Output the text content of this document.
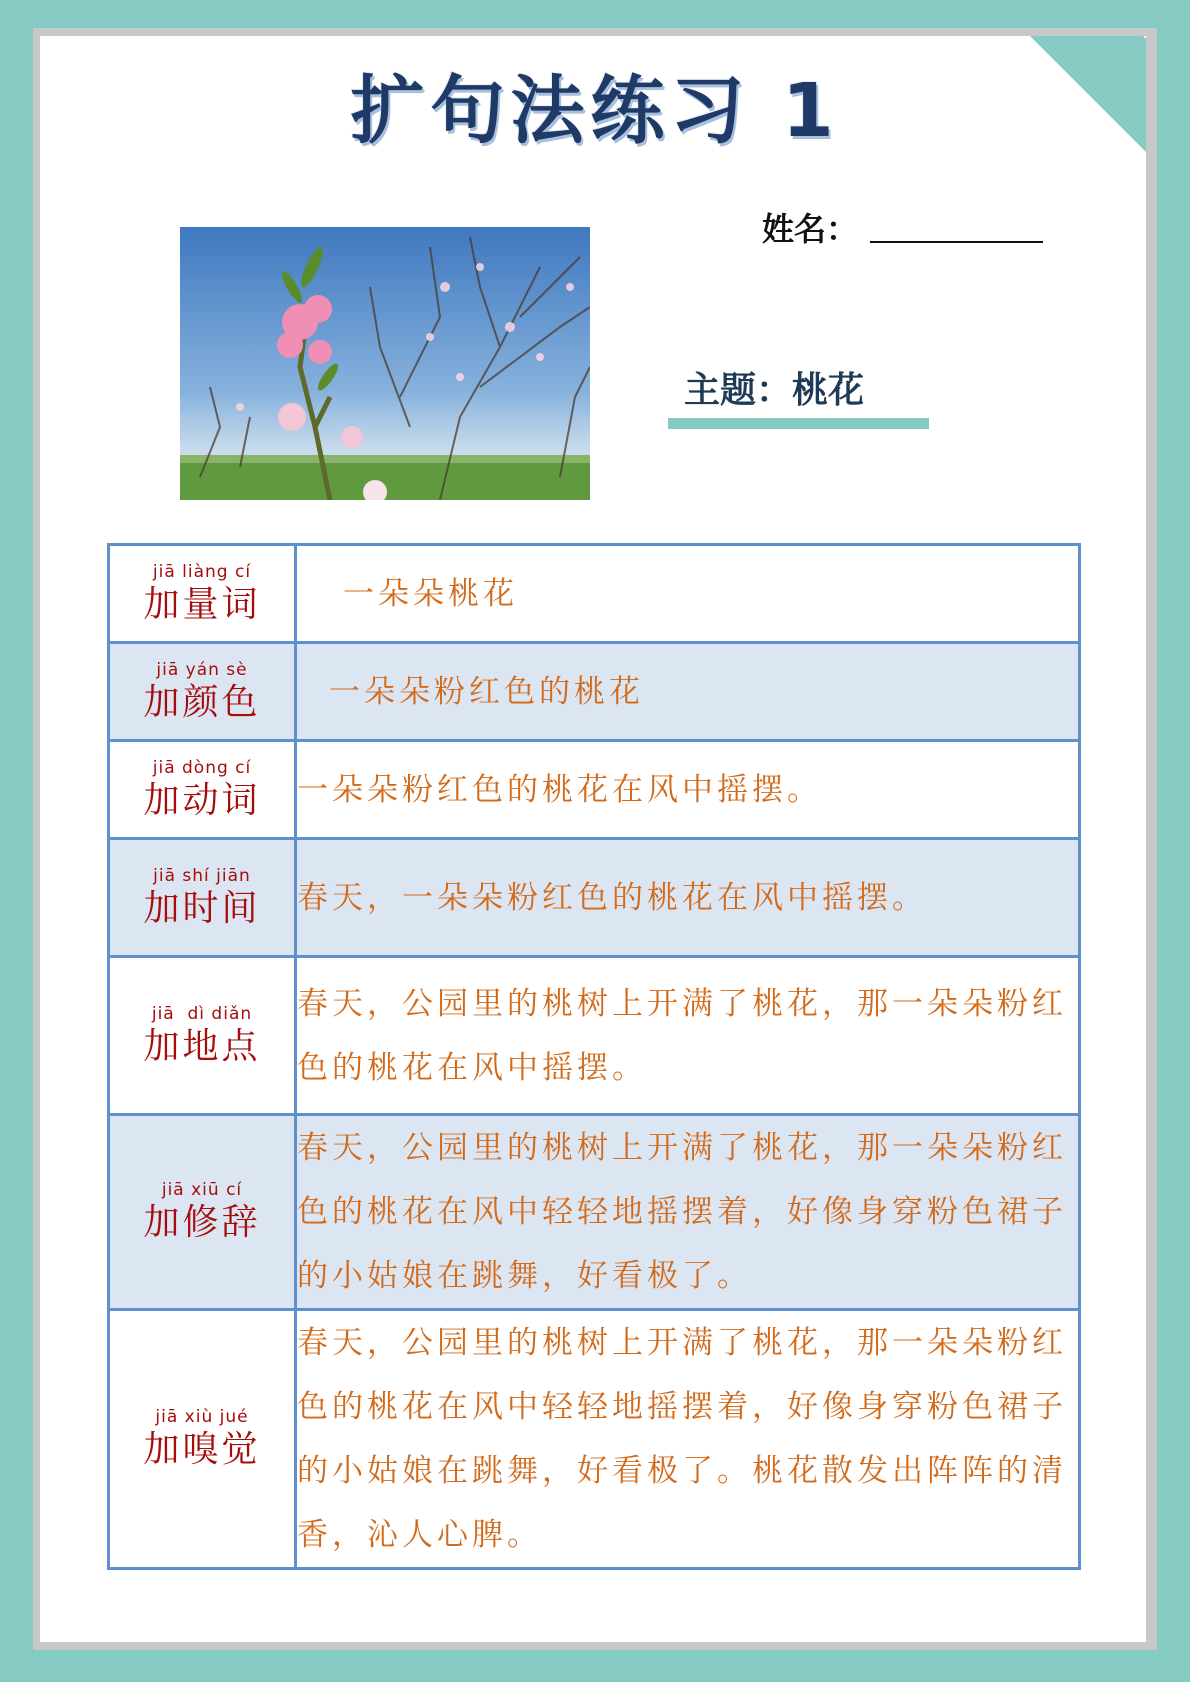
扩句法练习 1
姓名：
主题：桃花
jiā liàng cí
加量词	一朵朵桃花

jiā yán sè
加颜色	一朵朵粉红色的桃花

jiā dòng cí
加动词	一朵朵粉红色的桃花在风中摇摆。

jiā shí jiān
加时间	春天，一朵朵粉红色的桃花在风中摇摆。

jiā  dì diǎn
加地点	春天，公园里的桃树上开满了桃花，那一朵朵粉红色的桃花在风中摇摆。

jiā xiū cí
加修辞	春天，公园里的桃树上开满了桃花，那一朵朵粉红色的桃花在风中轻轻地摇摆着，好像身穿粉色裙子的小姑娘在跳舞，好看极了。

jiā xiù jué
加嗅觉	春天，公园里的桃树上开满了桃花，那一朵朵粉红色的桃花在风中轻轻地摇摆着，好像身穿粉色裙子的小姑娘在跳舞，好看极了。桃花散发出阵阵的清香，沁人心脾。
